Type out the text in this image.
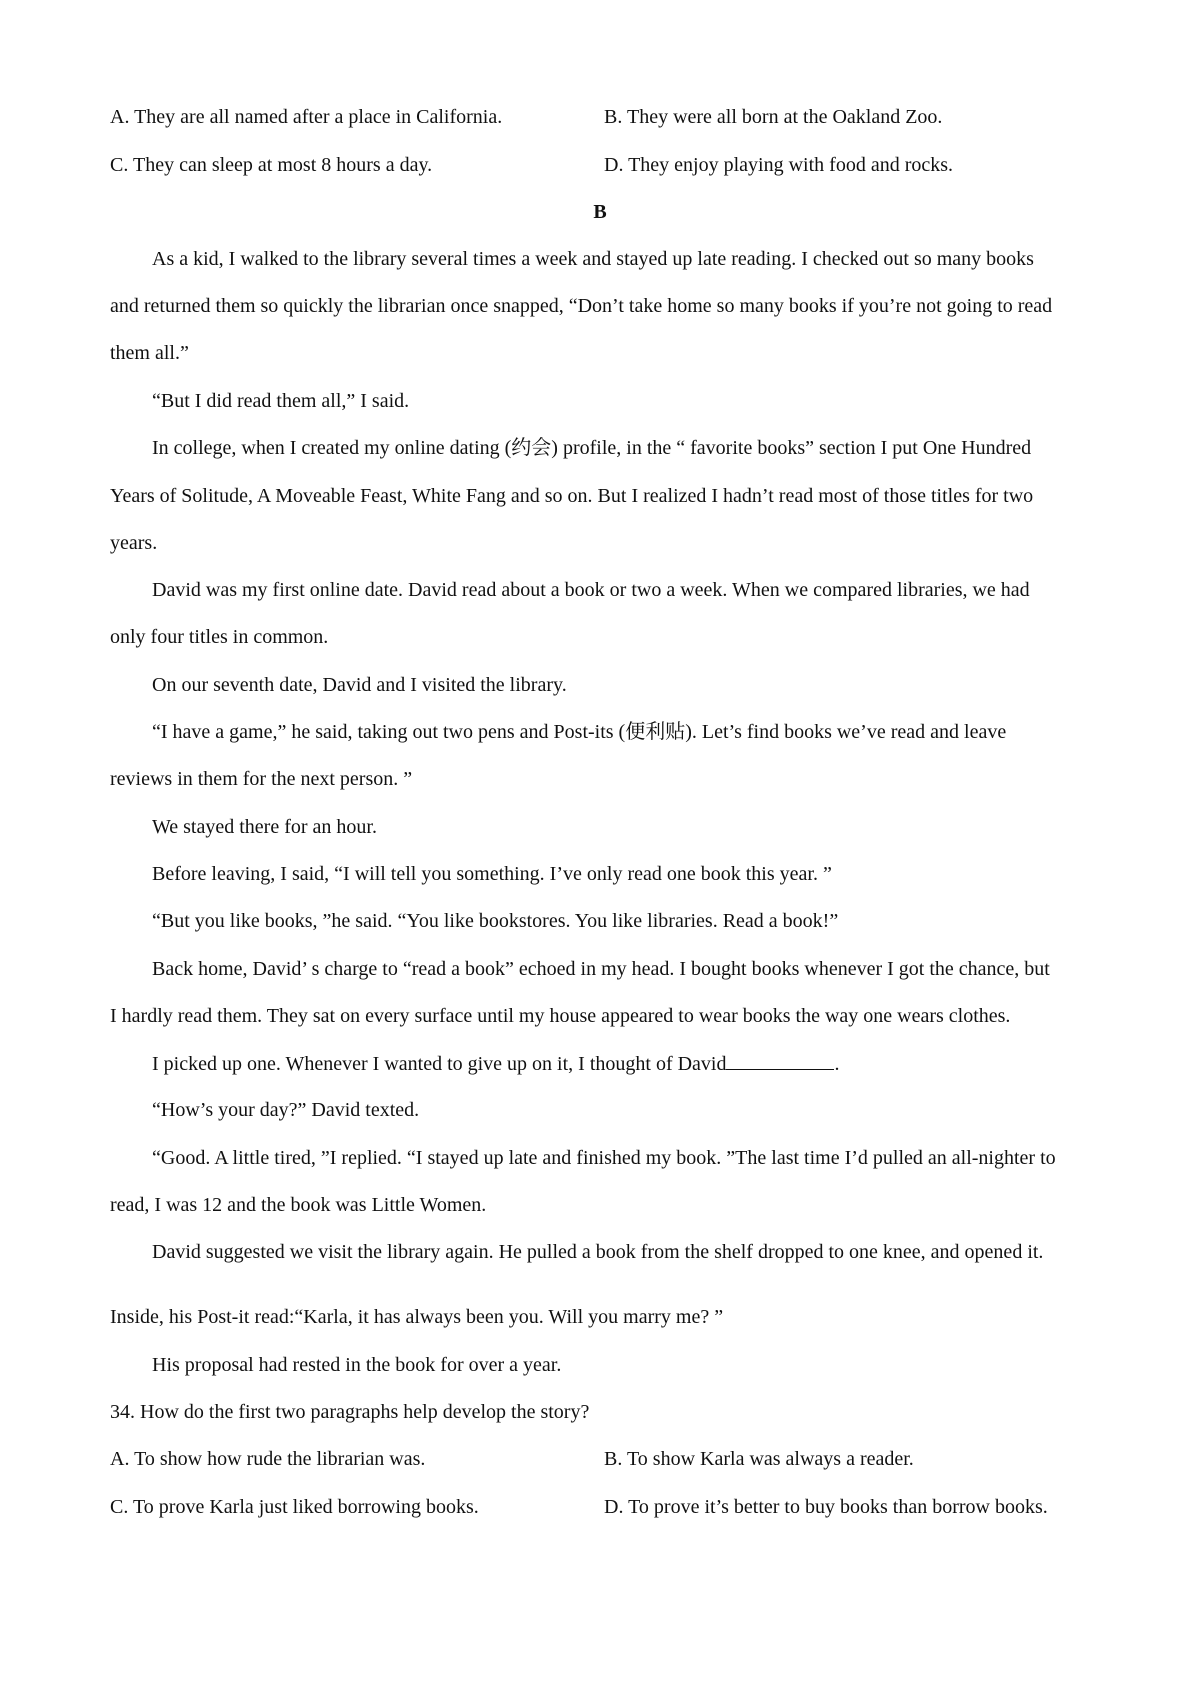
A. They are all named after a place in California.	B. They were all born at the Oakland Zoo.
C. They can sleep at most 8 hours a day.	D. They enjoy playing with food and rocks.
B
As a kid, I walked to the library several times a week and stayed up late reading. I checked out so many books
and returned them so quickly the librarian once snapped, “Don’t take home so many books if you’re not going to read
them all.”
“But I did read them all,” I said.
In college, when I created my online dating (约会) profile, in the “ favorite books” section I put One Hundred
Years of Solitude, A Moveable Feast, White Fang and so on. But I realized I hadn’t read most of those titles for two
years.
David was my first online date. David read about a book or two a week. When we compared libraries, we had
only four titles in common.
On our seventh date, David and I visited the library.
“I have a game,” he said, taking out two pens and Post-its (便利贴). Let’s find books we’ve read and leave
reviews in them for the next person. ”
We stayed there for an hour.
Before leaving, I said, “I will tell you something. I’ve only read one book this year. ”
“But you like books, ”he said. “You like bookstores. You like libraries. Read a book!”
Back home, David’ s charge to “read a book” echoed in my head. I bought books whenever I got the chance, but
I hardly read them. They sat on every surface until my house appeared to wear books the way one wears clothes.
I picked up one. Whenever I wanted to give up on it, I thought of David	.
“How’s your day?” David texted.
“Good. A little tired, ”I replied. “I stayed up late and finished my book. ”The last time I’d pulled an all-nighter to
read, I was 12 and the book was Little Women.
David suggested we visit the library again. He pulled a book from the shelf dropped to one knee, and opened it.
Inside, his Post-it read:“Karla, it has always been you. Will you marry me? ”
His proposal had rested in the book for over a year.
34. How do the first two paragraphs help develop the story?
A. To show how rude the librarian was.	B. To show Karla was always a reader.
C. To prove Karla just liked borrowing books.	D. To prove it’s better to buy books than borrow books.
